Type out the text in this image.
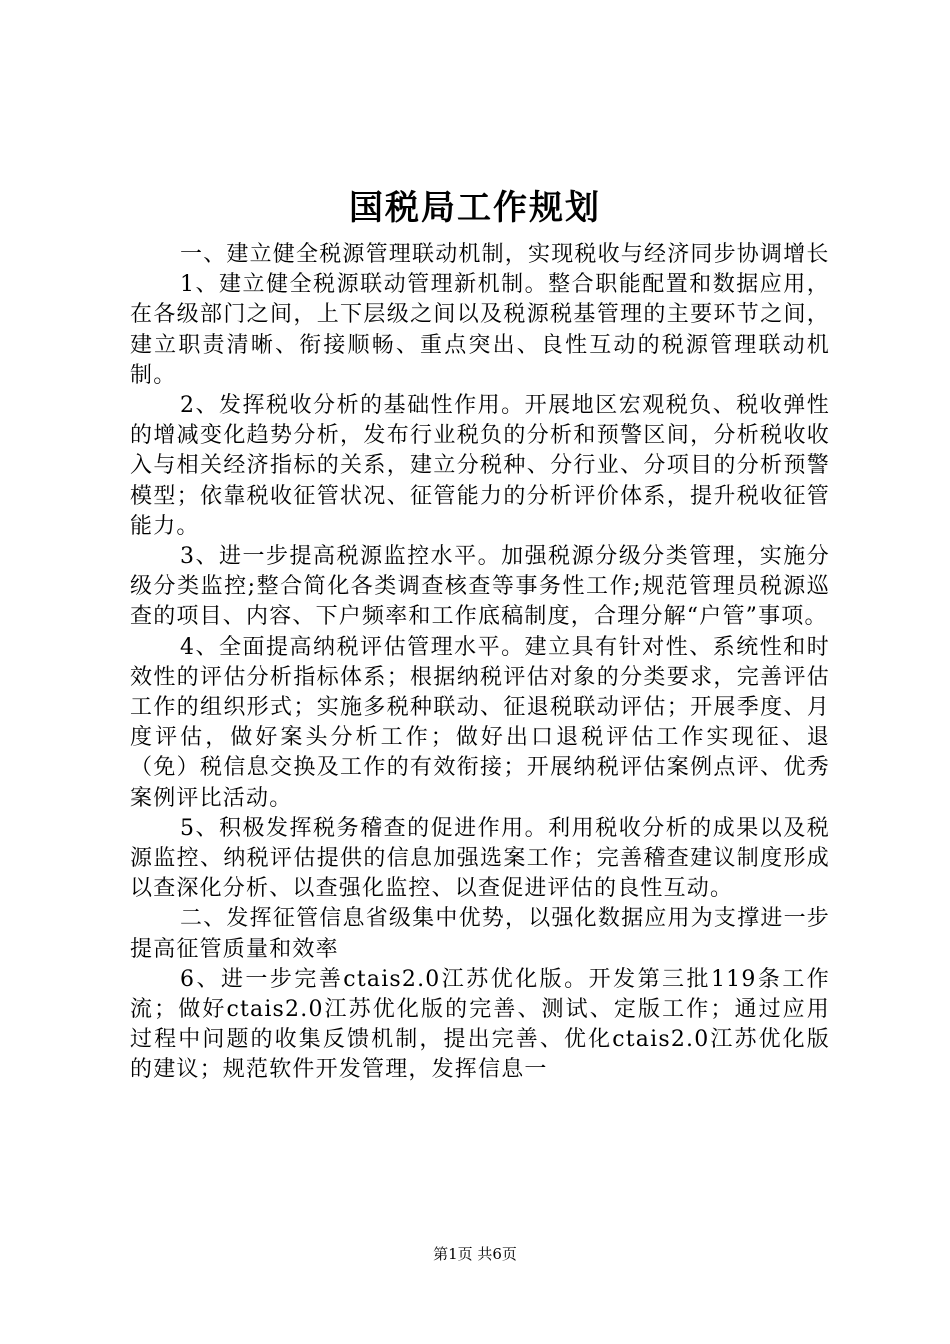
国税局工作规划

一、建立健全税源管理联动机制，实现税收与经济同步协调增长

1、建立健全税源联动管理新机制。整合职能配置和数据应用，在各级部门之间，上下层级之间以及税源税基管理的主要环节之间，建立职责清晰、衔接顺畅、重点突出、良性互动的税源管理联动机制。

2、发挥税收分析的基础性作用。开展地区宏观税负、税收弹性的增减变化趋势分析，发布行业税负的分析和预警区间，分析税收收入与相关经济指标的关系，建立分税种、分行业、分项目的分析预警模型；依靠税收征管状况、征管能力的分析评价体系，提升税收征管能力。

3、进一步提高税源监控水平。加强税源分级分类管理，实施分级分类监控;整合简化各类调查核查等事务性工作;规范管理员税源巡查的项目、内容、下户频率和工作底稿制度，合理分解“户管”事项。

4、全面提高纳税评估管理水平。建立具有针对性、系统性和时效性的评估分析指标体系；根据纳税评估对象的分类要求，完善评估工作的组织形式；实施多税种联动、征退税联动评估；开展季度、月度评估，做好案头分析工作；做好出口退税评估工作实现征、退（免）税信息交换及工作的有效衔接；开展纳税评估案例点评、优秀案例评比活动。

5、积极发挥税务稽查的促进作用。利用税收分析的成果以及税源监控、纳税评估提供的信息加强选案工作；完善稽查建议制度形成以查深化分析、以查强化监控、以查促进评估的良性互动。

二、发挥征管信息省级集中优势，以强化数据应用为支撑进一步提高征管质量和效率

6、进一步完善ctais2.0江苏优化版。开发第三批119条工作流；做好ctais2.0江苏优化版的完善、测试、定版工作；通过应用过程中问题的收集反馈机制，提出完善、优化ctais2.0江苏优化版的建议；规范软件开发管理，发挥信息一

第1页 共6页
